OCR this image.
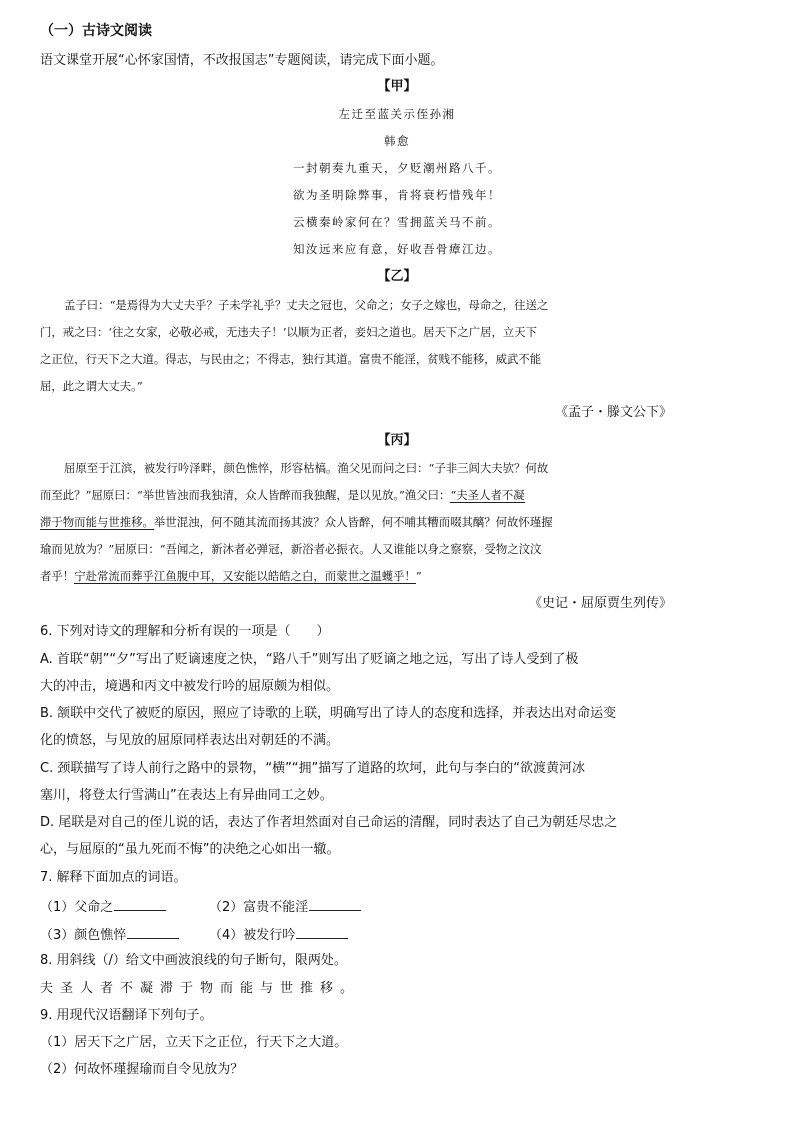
（一）古诗文阅读
语文课堂开展“心怀家国情，不改报国志”专题阅读，请完成下面小题。
【甲】
左迁至蓝关示侄孙湘
韩愈
一封朝奏九重天，夕贬潮州路八千。
欲为圣明除弊事，肯将衰朽惜残年！
云横秦岭家何在？雪拥蓝关马不前。
知汝远来应有意，好收吾骨瘴江边。
【乙】
孟子曰：“是焉得为大丈夫乎？子未学礼乎？丈夫之冠也，父命之；女子之嫁也，母命之，往送之
门，戒之曰：‘往之女家，必敬必戒，无违夫子！’以顺为正者，妾妇之道也。居天下之广居，立天下
之正位，行天下之大道。得志，与民由之；不得志，独行其道。富贵不能淫，贫贱不能移，威武不能
屈，此之谓大丈夫。”
《孟子・滕文公下》
【丙】
屈原至于江滨，被发行吟泽畔，颜色憔悴，形容枯槁。渔父见而问之曰：“子非三闾大夫欤？何故
而至此？”屈原曰：“举世皆浊而我独清，众人皆醉而我独醒，是以见放。”渔父曰：“夫圣人者不凝
滞于物而能与世推移。举世混浊，何不随其流而扬其波？众人皆醉，何不哺其糟而啜其醨？何故怀瑾握
瑜而见放为？”屈原曰：“吾闻之，新沐者必弹冠，新浴者必振衣。人又谁能以身之察察，受物之汶汶
者乎！宁赴常流而葬乎江鱼腹中耳，又安能以皓皓之白，而蒙世之温蠖乎！”
《史记・屈原贾生列传》
6. 下列对诗文的理解和分析有误的一项是（　　）
A. 首联“朝”“夕”写出了贬谪速度之快，“路八千”则写出了贬谪之地之远，写出了诗人受到了极
大的冲击，境遇和丙文中被发行吟的屈原颇为相似。
B. 颔联中交代了被贬的原因，照应了诗歌的上联，明确写出了诗人的态度和选择，并表达出对命运变
化的愤怒，与见放的屈原同样表达出对朝廷的不满。
C. 颈联描写了诗人前行之路中的景物，“横”“拥”描写了道路的坎坷，此句与李白的“欲渡黄河冰
塞川，将登太行雪满山”在表达上有异曲同工之妙。
D. 尾联是对自己的侄儿说的话，表达了作者坦然面对自己命运的清醒，同时表达了自己为朝廷尽忠之
心，与屈原的“虽九死而不悔”的决绝之心如出一辙。
7. 解释下面加点的词语。
（1）父命之	（2）富贵不能淫
（3）颜色憔悴	（4）被发行吟
8. 用斜线（/）给文中画波浪线的句子断句，限两处。
夫圣人者不凝滞于物而能与世推移。
9. 用现代汉语翻译下列句子。
（1）居天下之广居，立天下之正位，行天下之大道。
（2）何故怀瑾握瑜而自令见放为？
